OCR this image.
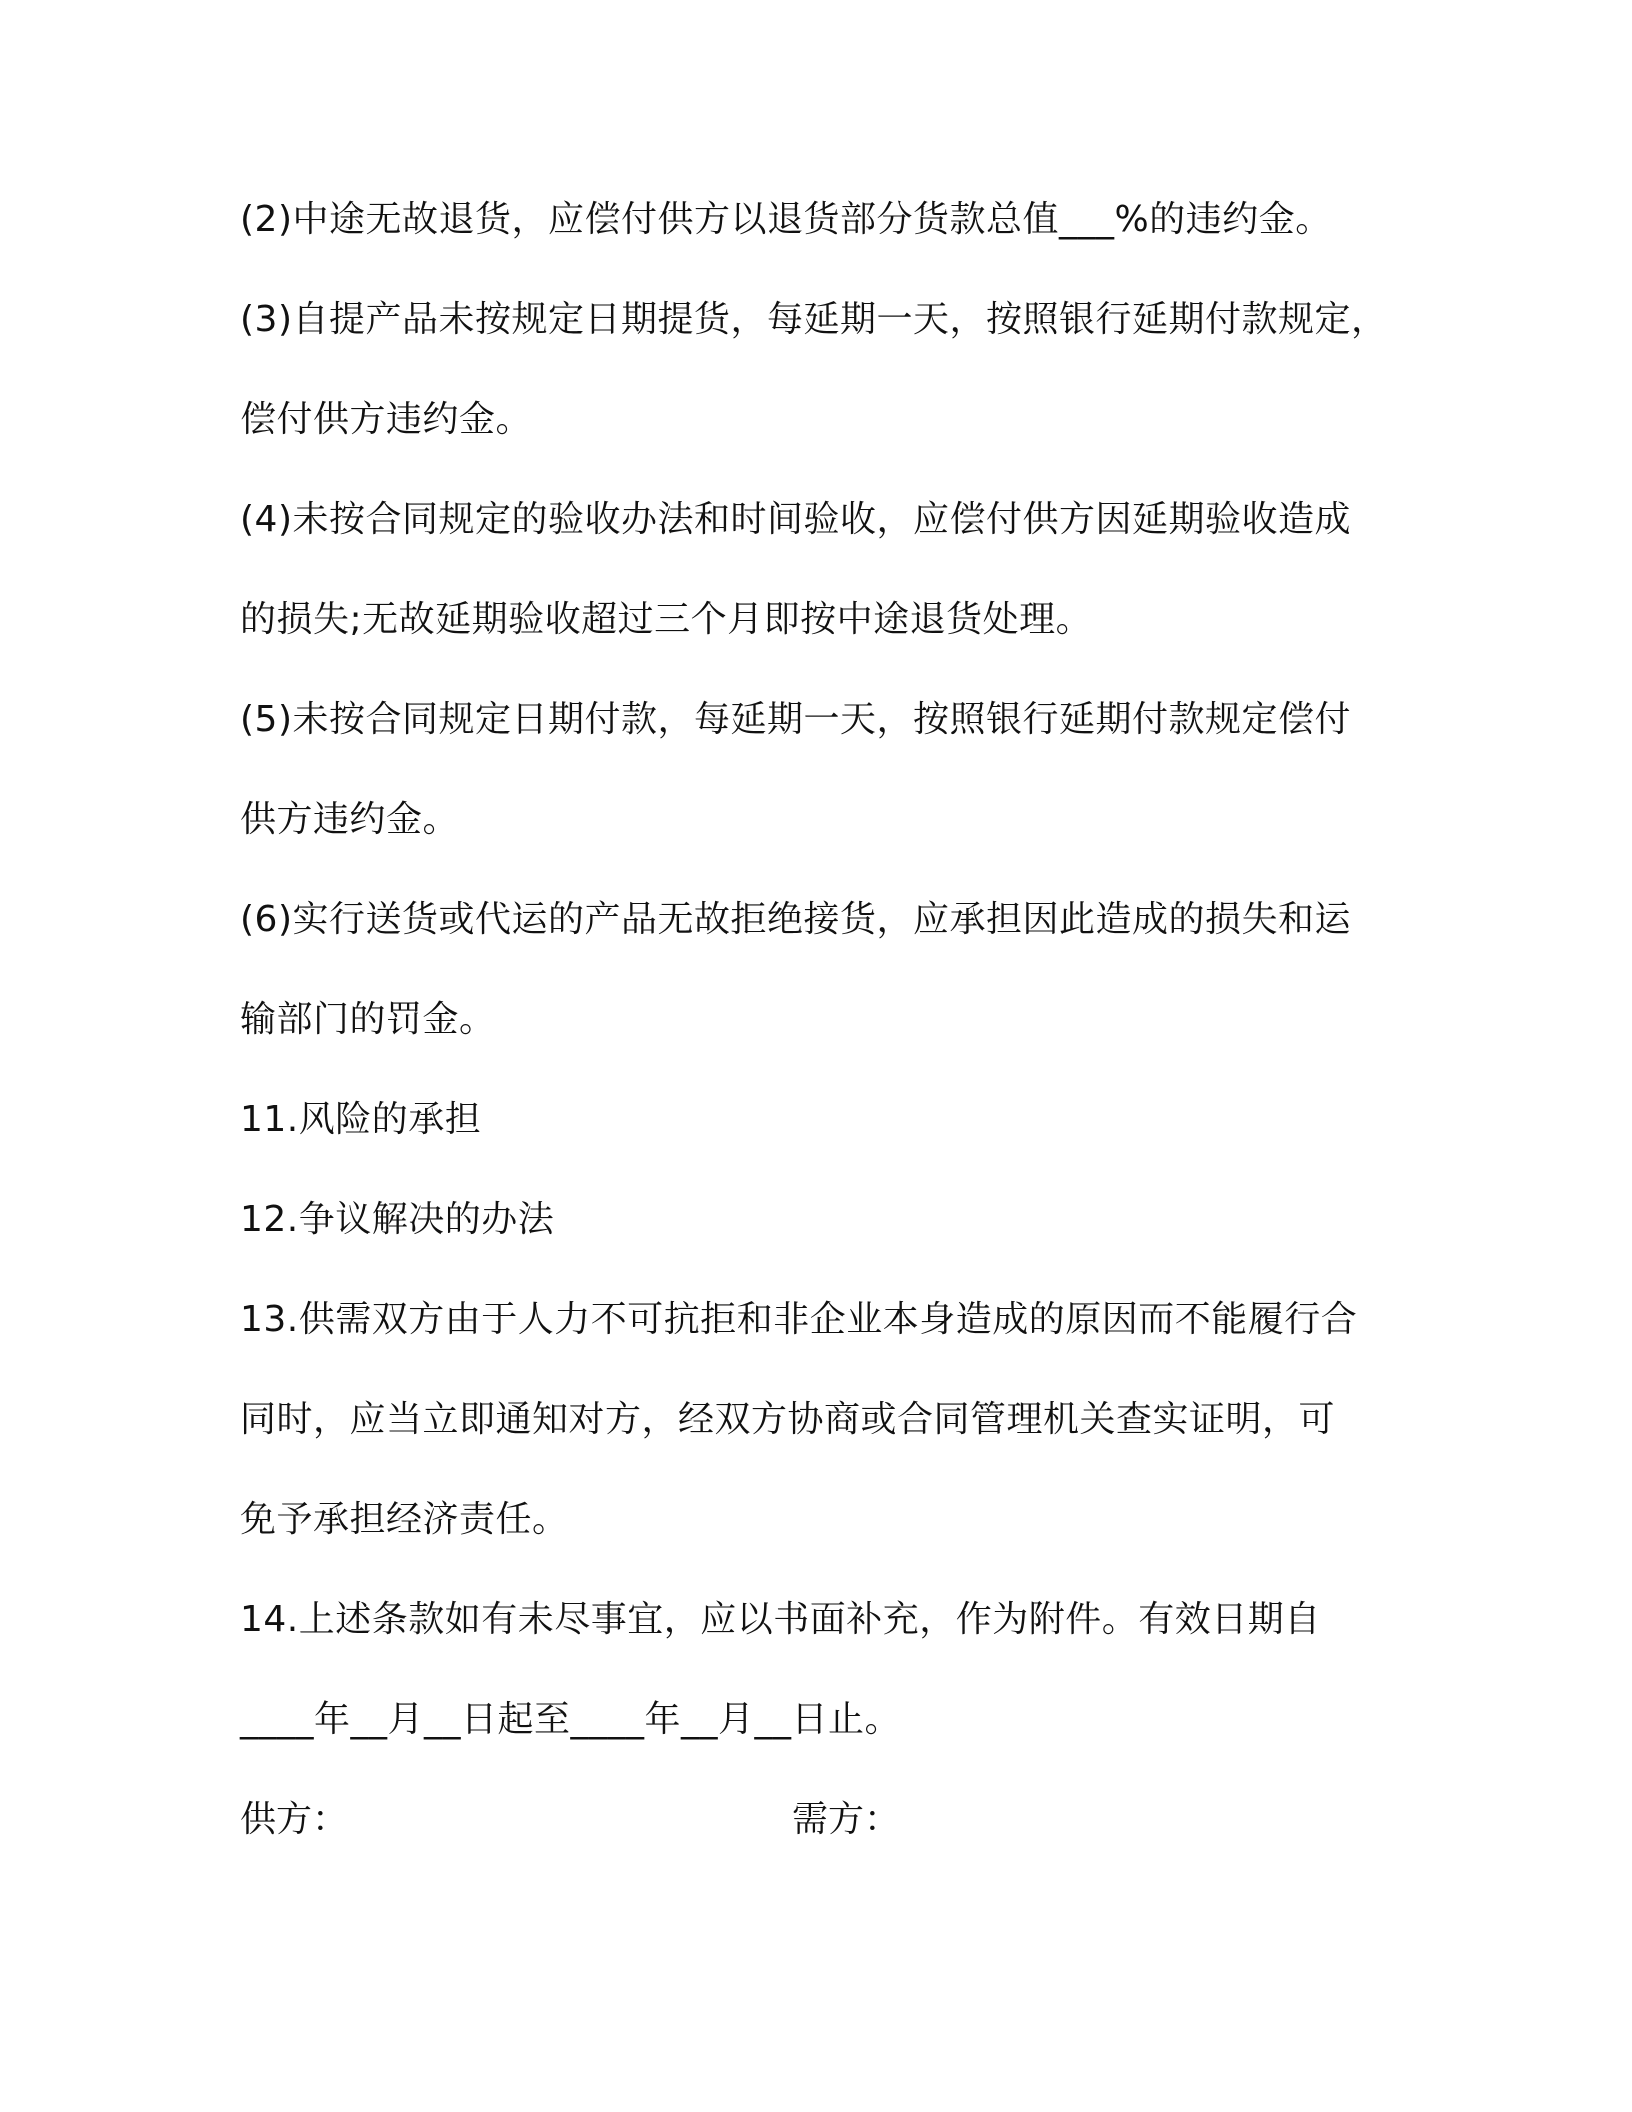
(2)中途无故退货，应偿付供方以退货部分货款总值___%的违约金。

(3)自提产品未按规定日期提货，每延期一天，按照银行延期付款规定，

偿付供方违约金。

(4)未按合同规定的验收办法和时间验收，应偿付供方因延期验收造成

的损失;无故延期验收超过三个月即按中途退货处理。

(5)未按合同规定日期付款，每延期一天，按照银行延期付款规定偿付

供方违约金。

(6)实行送货或代运的产品无故拒绝接货，应承担因此造成的损失和运

输部门的罚金。

11.风险的承担

12.争议解决的办法

13.供需双方由于人力不可抗拒和非企业本身造成的原因而不能履行合

同时，应当立即通知对方，经双方协商或合同管理机关查实证明，可

免予承担经济责任。

14.上述条款如有未尽事宜，应以书面补充，作为附件。有效日期自

____年__月__日起至____年__月__日止。

供方：	需方：
